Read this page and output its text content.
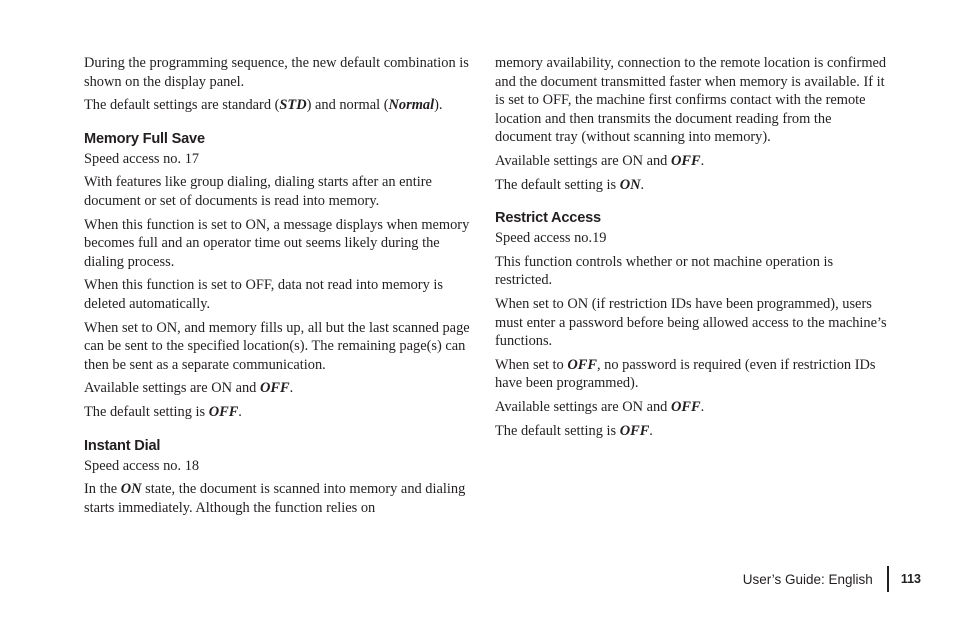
During the programming sequence, the new default combination is shown on the display panel.

The default settings are standard (STD) and normal (Normal).

Memory Full Save

Speed access no. 17

With features like group dialing, dialing starts after an entire document or set of documents is read into memory.

When this function is set to ON, a message displays when memory becomes full and an operator time out seems likely during the dialing process.

When this function is set to OFF, data not read into memory is deleted automatically.

When set to ON, and memory fills up, all but the last scanned page can be sent to the specified location(s). The remaining page(s) can then be sent as a separate communication.

Available settings are ON and OFF.

The default setting is OFF.

Instant Dial

Speed access no. 18

In the ON state, the document is scanned into memory and dialing starts immediately. Although the function relies on

memory availability, connection to the remote location is confirmed and the document transmitted faster when memory is available. If it is set to OFF, the machine first confirms contact with the remote location and then transmits the document reading from the document tray (without scanning into memory).

Available settings are ON and OFF.

The default setting is ON.

Restrict Access

Speed access no.19

This function controls whether or not machine operation is restricted.

When set to ON (if restriction IDs have been programmed), users must enter a password before being allowed access to the machine’s functions.

When set to OFF, no password is required (even if restriction IDs have been programmed).

Available settings are ON and OFF.

The default setting is OFF.

User’s Guide: English 113
